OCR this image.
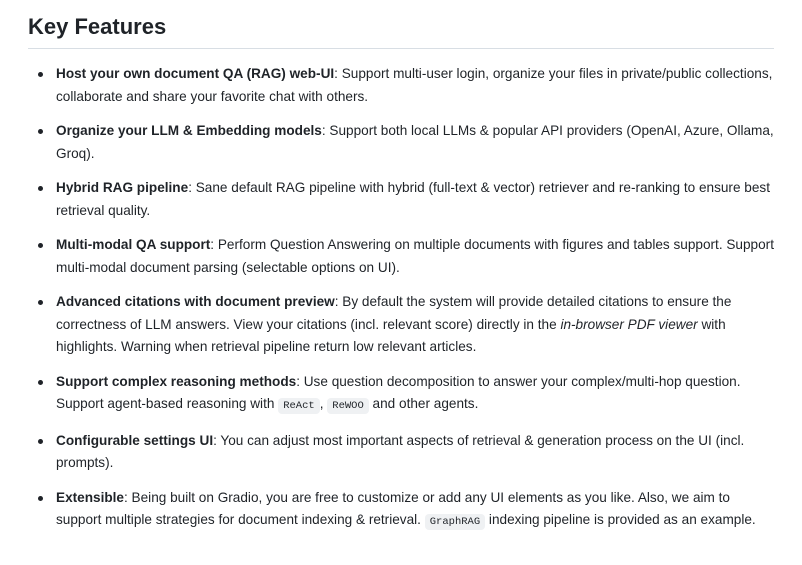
Key Features
Host your own document QA (RAG) web-UI: Support multi-user login, organize your files in private/public collections, collaborate and share your favorite chat with others.
Organize your LLM & Embedding models: Support both local LLMs & popular API providers (OpenAI, Azure, Ollama, Groq).
Hybrid RAG pipeline: Sane default RAG pipeline with hybrid (full-text & vector) retriever and re-ranking to ensure best retrieval quality.
Multi-modal QA support: Perform Question Answering on multiple documents with figures and tables support. Support multi-modal document parsing (selectable options on UI).
Advanced citations with document preview: By default the system will provide detailed citations to ensure the correctness of LLM answers. View your citations (incl. relevant score) directly in the in-browser PDF viewer with highlights. Warning when retrieval pipeline return low relevant articles.
Support complex reasoning methods: Use question decomposition to answer your complex/multi-hop question. Support agent-based reasoning with ReAct , ReWOO and other agents.
Configurable settings UI: You can adjust most important aspects of retrieval & generation process on the UI (incl. prompts).
Extensible: Being built on Gradio, you are free to customize or add any UI elements as you like. Also, we aim to support multiple strategies for document indexing & retrieval. GraphRAG indexing pipeline is provided as an example.
